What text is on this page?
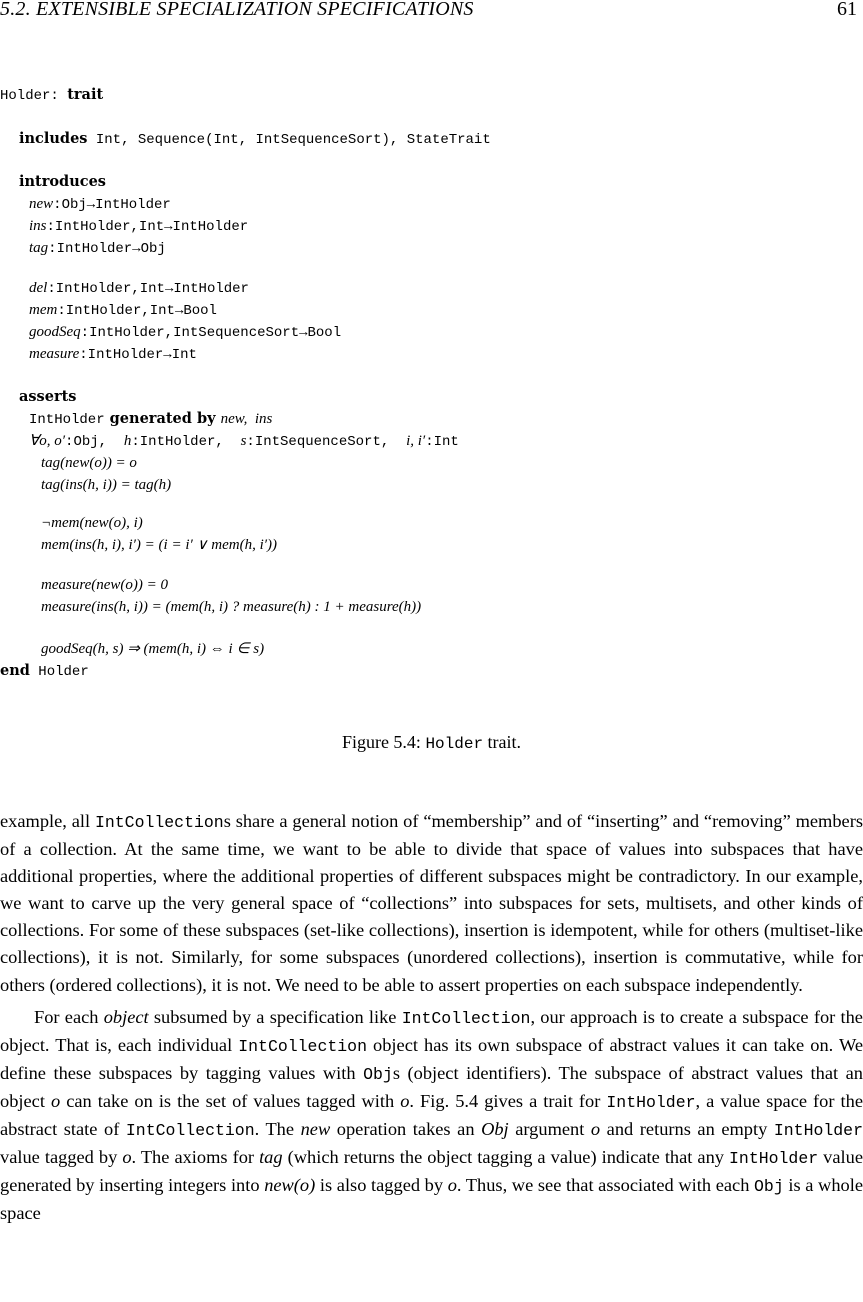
5.2. EXTENSIBLE SPECIALIZATION SPECIFICATIONS	61
Holder: trait
includes Int, Sequence(Int, IntSequenceSort), StateTrait
introduces
new:Obj→IntHolder
ins:IntHolder,Int→IntHolder
tag:IntHolder→Obj
del:IntHolder,Int→IntHolder
mem:IntHolder,Int→Bool
goodSeq:IntHolder,IntSequenceSort→Bool
measure:IntHolder→Int
asserts
IntHolder generated by new,  ins
∀o, o′:Obj,  h:IntHolder,  s:IntSequenceSort,  i, i′:Int
tag(new(o)) = o
tag(ins(h, i)) = tag(h)
¬mem(new(o), i)
mem(ins(h, i), i′) = (i = i′ ∨ mem(h, i′))
measure(new(o)) = 0
measure(ins(h, i)) = (mem(h, i) ? measure(h) : 1 + measure(h))
goodSeq(h, s) ⇒ (mem(h, i) ⇔ i ∈ s)
end Holder
Figure 5.4: Holder trait.

example, all IntCollections share a general notion of “membership” and of “inserting” and “removing” members of a collection. At the same time, we want to be able to divide that space of values into subspaces that have additional properties, where the additional properties of different subspaces might be contradictory. In our example, we want to carve up the very general space of “collections” into subspaces for sets, multisets, and other kinds of collections. For some of these subspaces (set-like collections), insertion is idempotent, while for others (multiset-like collections), it is not. Similarly, for some subspaces (unordered collections), insertion is commutative, while for others (ordered collections), it is not. We need to be able to assert properties on each subspace independently.

For each object subsumed by a specification like IntCollection, our approach is to create a subspace for the object. That is, each individual IntCollection object has its own subspace of abstract values it can take on. We define these subspaces by tagging values with Objs (object identifiers). The subspace of abstract values that an object o can take on is the set of values tagged with o. Fig. 5.4 gives a trait for IntHolder, a value space for the abstract state of IntCollection. The new operation takes an Obj argument o and returns an empty IntHolder value tagged by o. The axioms for tag (which returns the object tagging a value) indicate that any IntHolder value generated by inserting integers into new(o) is also tagged by o. Thus, we see that associated with each Obj is a whole space
